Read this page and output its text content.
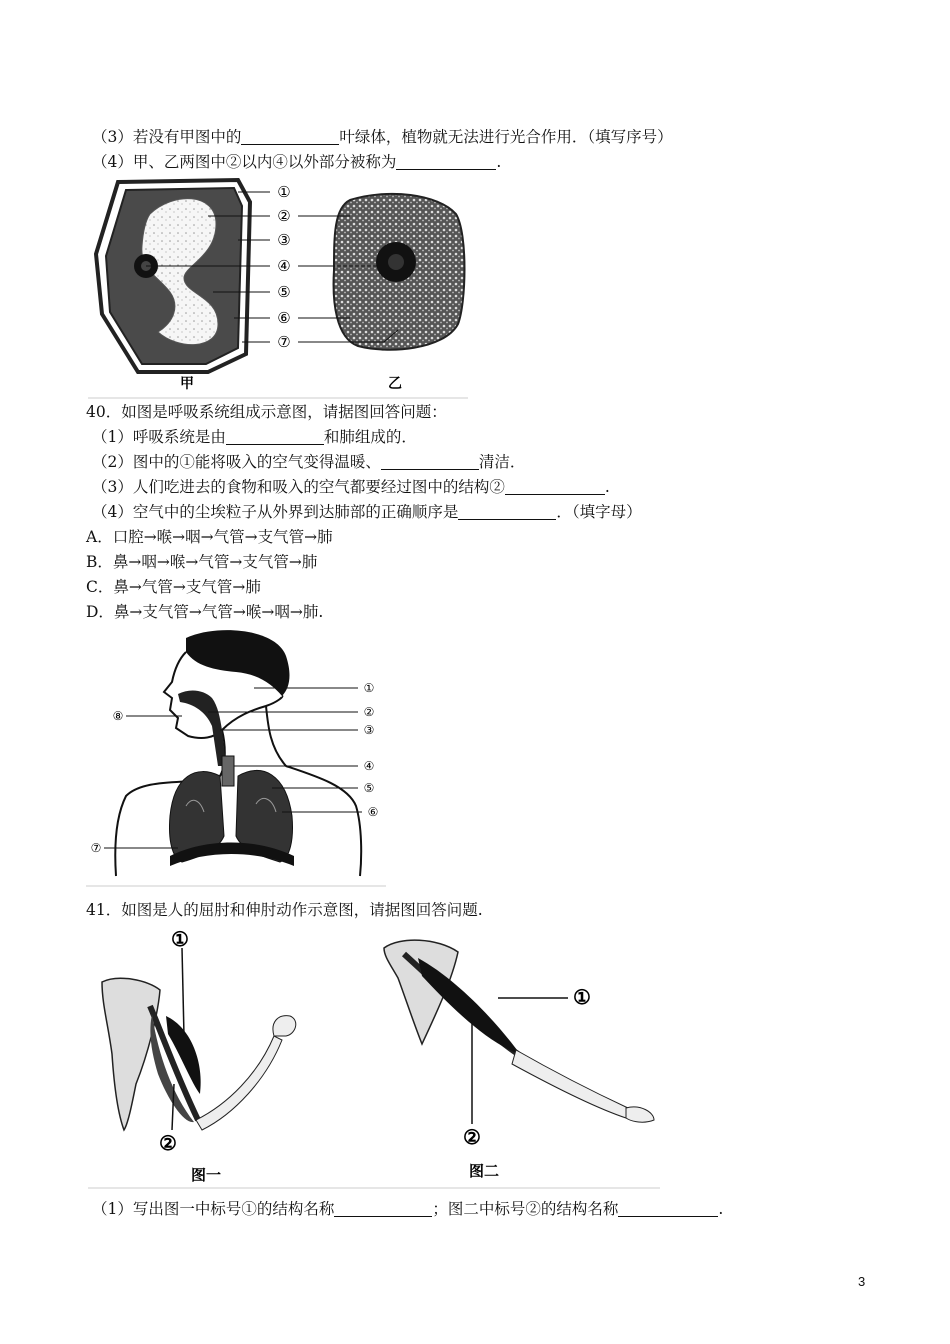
（3）若没有甲图中的	叶绿体，植物就无法进行光合作用．（填写序号）
（4）甲、乙两图中②以内④以外部分被称为	.
①
②
③
④
⑤
⑥
⑦
甲	乙
40．如图是呼吸系统组成示意图，请据图回答问题：
（1）呼吸系统是由	和肺组成的．
（2）图中的①能将吸入的空气变得温暖、	清洁．
（3）人们吃进去的食物和吸入的空气都要经过图中的结构②	.
（4）空气中的尘埃粒子从外界到达肺部的正确顺序是	．（填字母）
A．口腔→喉→咽→气管→支气管→肺
B．鼻→咽→喉→气管→支气管→肺
C．鼻→气管→支气管→肺
D．鼻→支气管→气管→喉→咽→肺.
①
②
③
④
⑤
⑥
⑦
⑧
41．如图是人的屈肘和伸肘动作示意图，请据图回答问题.
①
②
图一
①
②
图二
（1）写出图一中标号①的结构名称	；图二中标号②的结构名称	.
3
